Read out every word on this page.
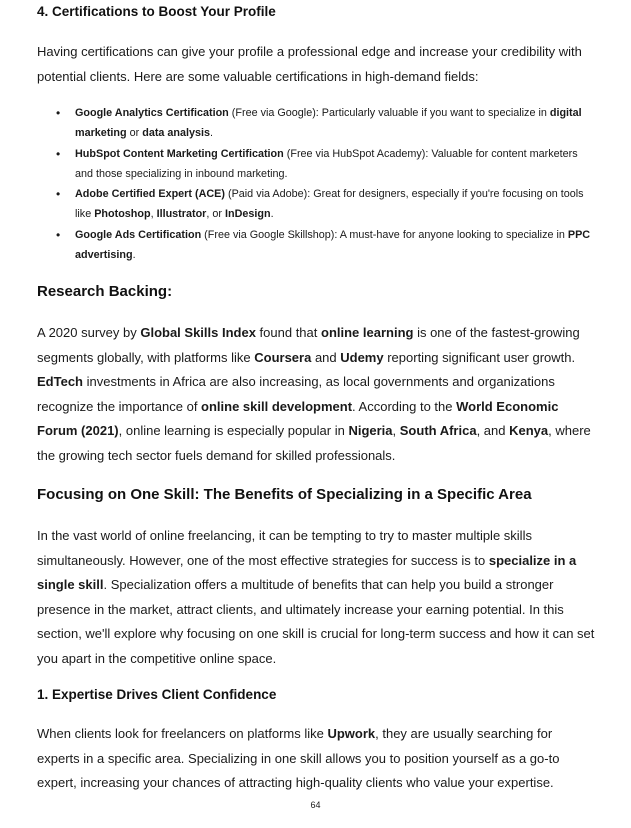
4. Certifications to Boost Your Profile

Having certifications can give your profile a professional edge and increase your credibility with potential clients. Here are some valuable certifications in high-demand fields:

• Google Analytics Certification (Free via Google): Particularly valuable if you want to specialize in digital marketing or data analysis.
• HubSpot Content Marketing Certification (Free via HubSpot Academy): Valuable for content marketers and those specializing in inbound marketing.
• Adobe Certified Expert (ACE) (Paid via Adobe): Great for designers, especially if you're focusing on tools like Photoshop, Illustrator, or InDesign.
• Google Ads Certification (Free via Google Skillshop): A must-have for anyone looking to specialize in PPC advertising.
Research Backing:

A 2020 survey by Global Skills Index found that online learning is one of the fastest-growing segments globally, with platforms like Coursera and Udemy reporting significant user growth. EdTech investments in Africa are also increasing, as local governments and organizations recognize the importance of online skill development. According to the World Economic Forum (2021), online learning is especially popular in Nigeria, South Africa, and Kenya, where the growing tech sector fuels demand for skilled professionals.

Focusing on One Skill: The Benefits of Specializing in a Specific Area

In the vast world of online freelancing, it can be tempting to try to master multiple skills simultaneously. However, one of the most effective strategies for success is to specialize in a single skill. Specialization offers a multitude of benefits that can help you build a stronger presence in the market, attract clients, and ultimately increase your earning potential. In this section, we'll explore why focusing on one skill is crucial for long-term success and how it can set you apart in the competitive online space.

1. Expertise Drives Client Confidence

When clients look for freelancers on platforms like Upwork, they are usually searching for experts in a specific area. Specializing in one skill allows you to position yourself as a go-to expert, increasing your chances of attracting high-quality clients who value your expertise.

64
